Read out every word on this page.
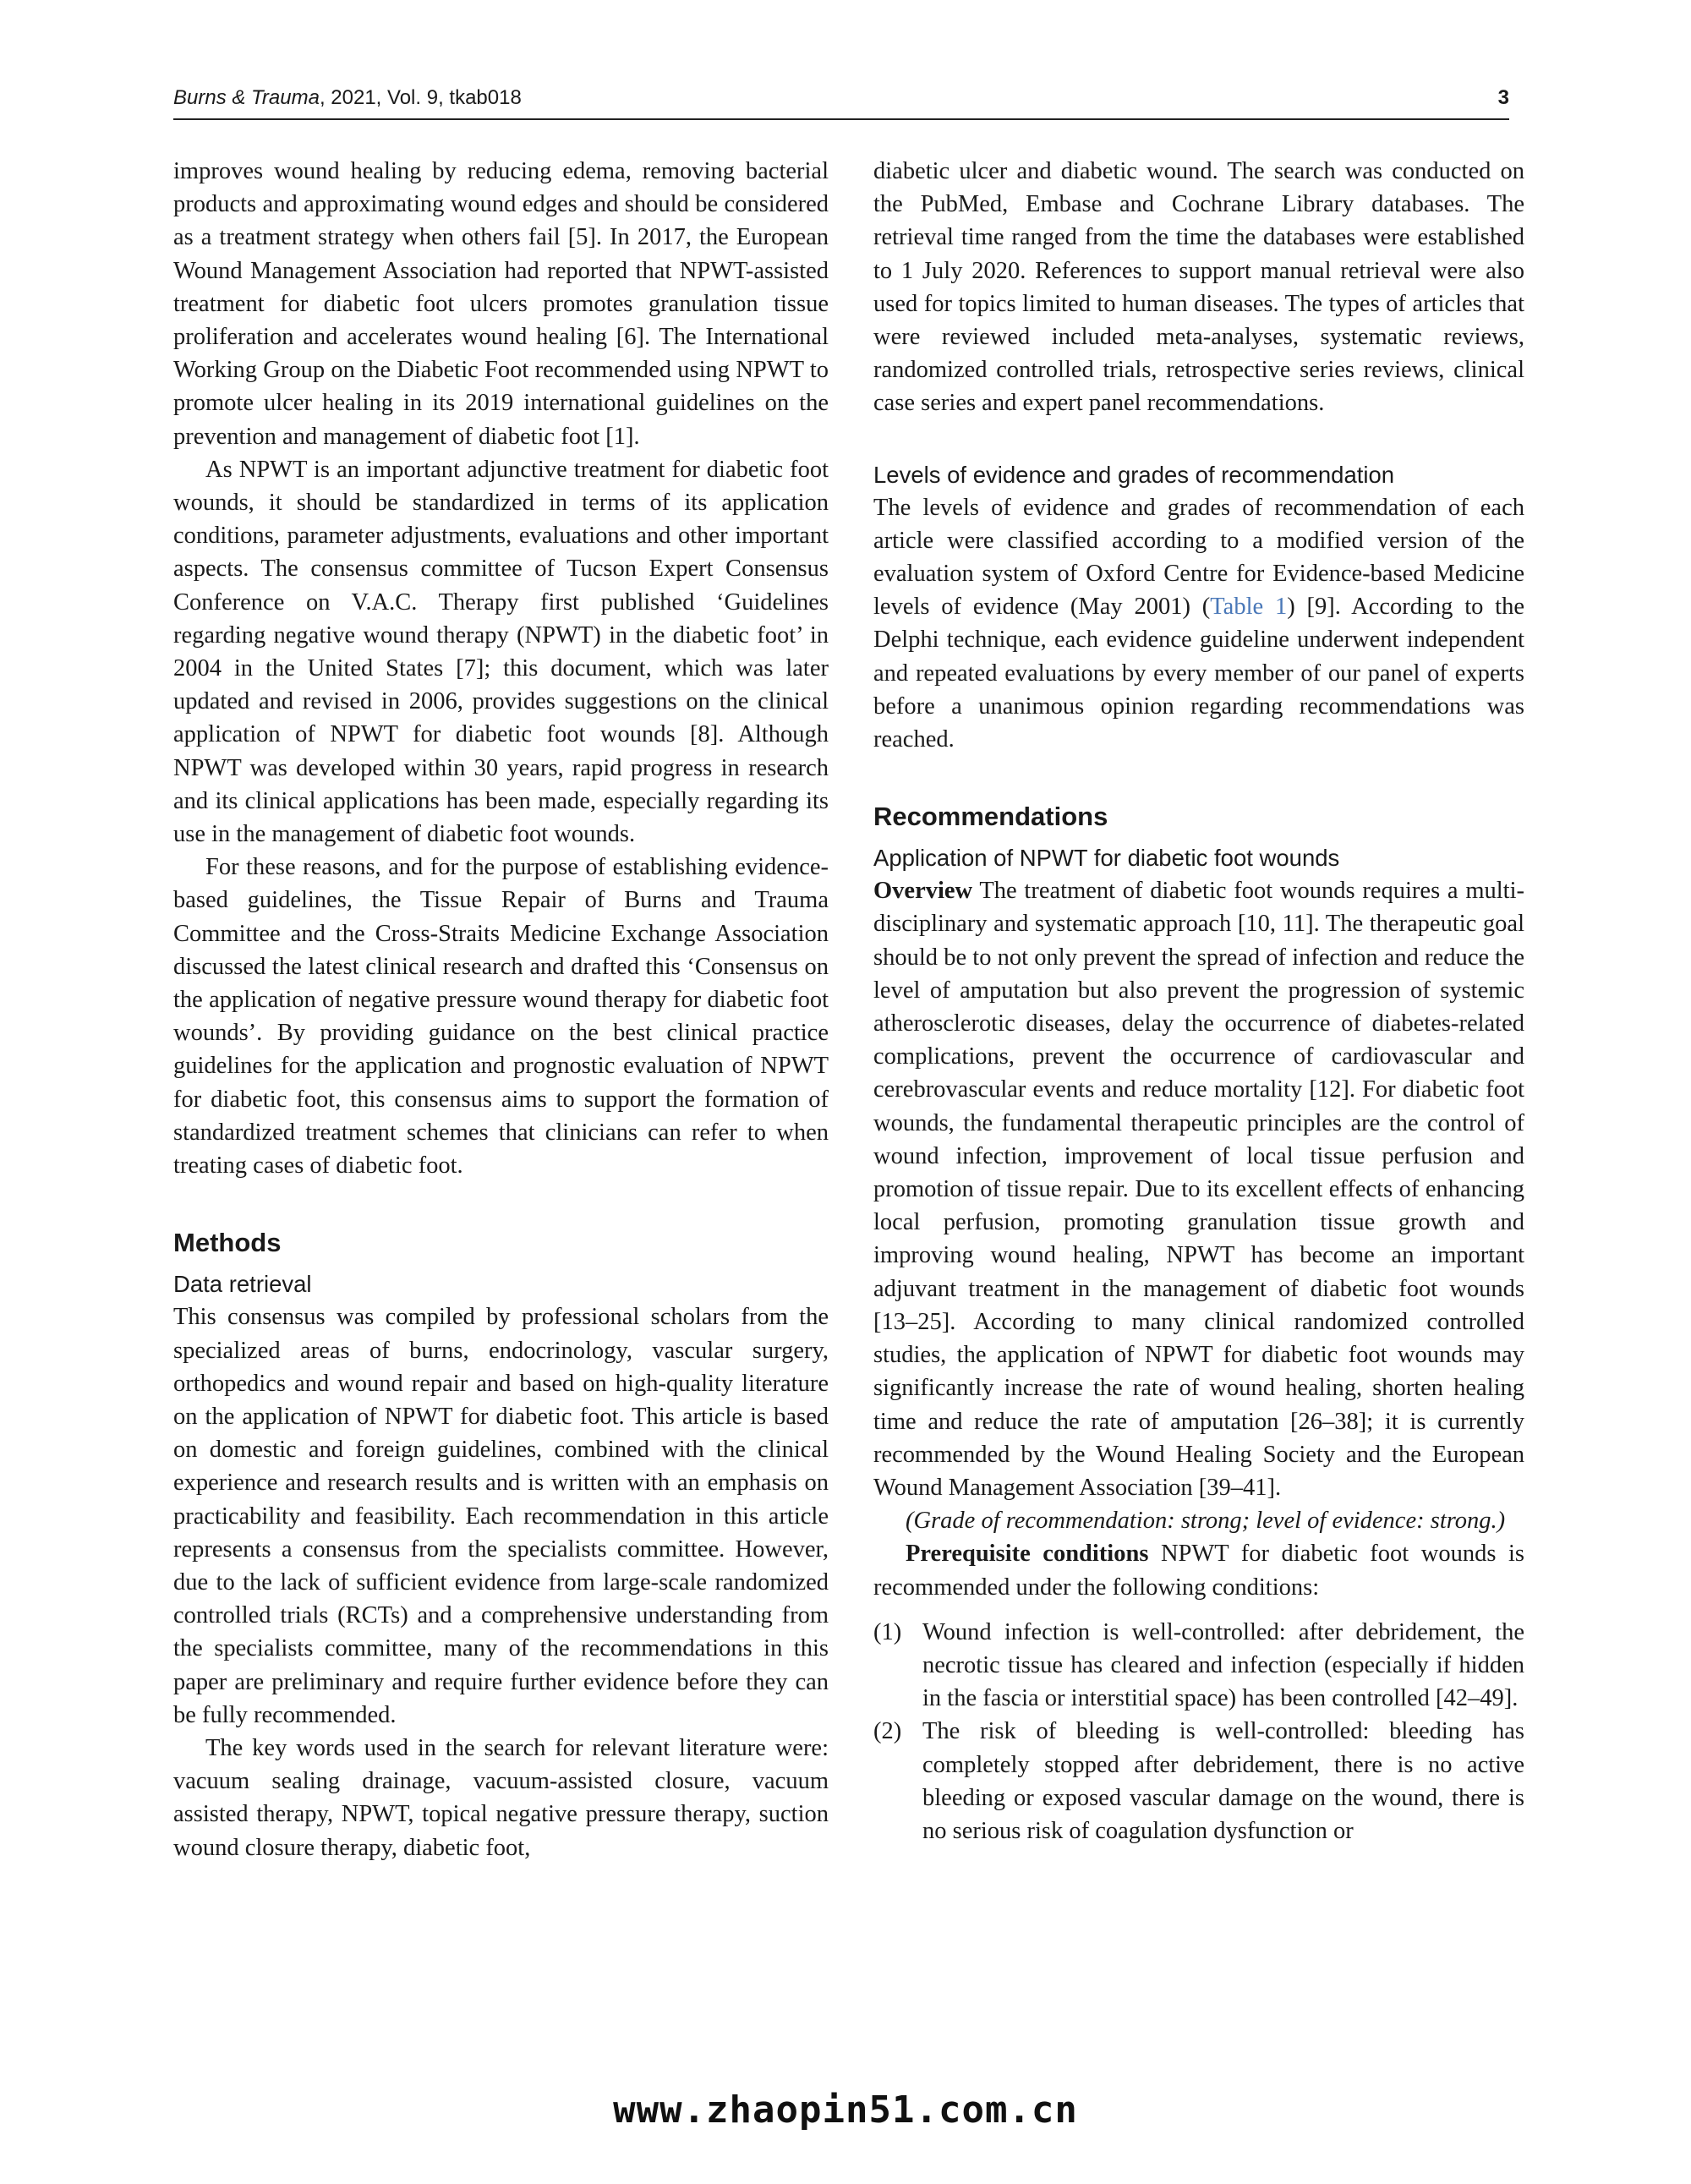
Burns & Trauma, 2021, Vol. 9, tkab018	3

improves wound healing by reducing edema, removing bacterial products and approximating wound edges and should be considered as a treatment strategy when others fail [5]. In 2017, the European Wound Management Association had reported that NPWT-assisted treatment for diabetic foot ulcers promotes granulation tissue proliferation and accelerates wound healing [6]. The International Working Group on the Diabetic Foot recommended using NPWT to promote ulcer healing in its 2019 international guidelines on the prevention and management of diabetic foot [1].

As NPWT is an important adjunctive treatment for diabetic foot wounds, it should be standardized in terms of its application conditions, parameter adjustments, evaluations and other important aspects. The consensus committee of Tucson Expert Consensus Conference on V.A.C. Therapy first published ‘Guidelines regarding negative wound therapy (NPWT) in the diabetic foot’ in 2004 in the United States [7]; this document, which was later updated and revised in 2006, provides suggestions on the clinical application of NPWT for diabetic foot wounds [8]. Although NPWT was developed within 30 years, rapid progress in research and its clinical applications has been made, especially regarding its use in the management of diabetic foot wounds.

For these reasons, and for the purpose of establishing evidence-based guidelines, the Tissue Repair of Burns and Trauma Committee and the Cross-Straits Medicine Exchange Association discussed the latest clinical research and drafted this ‘Consensus on the application of negative pressure wound therapy for diabetic foot wounds’. By providing guidance on the best clinical practice guidelines for the application and prognostic evaluation of NPWT for diabetic foot, this consensus aims to support the formation of standardized treatment schemes that clinicians can refer to when treating cases of diabetic foot.

Methods
Data retrieval

This consensus was compiled by professional scholars from the specialized areas of burns, endocrinology, vascular surgery, orthopedics and wound repair and based on high-quality literature on the application of NPWT for diabetic foot. This article is based on domestic and foreign guidelines, combined with the clinical experience and research results and is written with an emphasis on practicability and feasibility. Each recommendation in this article represents a consensus from the specialists committee. However, due to the lack of sufficient evidence from large-scale randomized controlled trials (RCTs) and a comprehensive understanding from the specialists committee, many of the recommendations in this paper are preliminary and require further evidence before they can be fully recommended.

The key words used in the search for relevant literature were: vacuum sealing drainage, vacuum-assisted closure, vacuum assisted therapy, NPWT, topical negative pressure therapy, suction wound closure therapy, diabetic foot,

diabetic ulcer and diabetic wound. The search was conducted on the PubMed, Embase and Cochrane Library databases. The retrieval time ranged from the time the databases were established to 1 July 2020. References to support manual retrieval were also used for topics limited to human diseases. The types of articles that were reviewed included meta-analyses, systematic reviews, randomized controlled trials, retrospective series reviews, clinical case series and expert panel recommendations.

Levels of evidence and grades of recommendation

The levels of evidence and grades of recommendation of each article were classified according to a modified version of the evaluation system of Oxford Centre for Evidence-based Medicine levels of evidence (May 2001) (Table 1) [9]. According to the Delphi technique, each evidence guideline underwent independent and repeated evaluations by every member of our panel of experts before a unanimous opinion regarding recommendations was reached.

Recommendations
Application of NPWT for diabetic foot wounds

Overview The treatment of diabetic foot wounds requires a multi-disciplinary and systematic approach [10, 11]. The therapeutic goal should be to not only prevent the spread of infection and reduce the level of amputation but also prevent the progression of systemic atherosclerotic diseases, delay the occurrence of diabetes-related complications, prevent the occurrence of cardiovascular and cerebrovascular events and reduce mortality [12]. For diabetic foot wounds, the fundamental therapeutic principles are the control of wound infection, improvement of local tissue perfusion and promotion of tissue repair. Due to its excellent effects of enhancing local perfusion, promoting granulation tissue growth and improving wound healing, NPWT has become an important adjuvant treatment in the management of diabetic foot wounds [13–25]. According to many clinical randomized controlled studies, the application of NPWT for diabetic foot wounds may significantly increase the rate of wound healing, shorten healing time and reduce the rate of amputation [26–38]; it is currently recommended by the Wound Healing Society and the European Wound Management Association [39–41].

(Grade of recommendation: strong; level of evidence: strong.)

Prerequisite conditions NPWT for diabetic foot wounds is recommended under the following conditions:

(1) Wound infection is well-controlled: after debridement, the necrotic tissue has cleared and infection (especially if hidden in the fascia or interstitial space) has been controlled [42–49].
(2) The risk of bleeding is well-controlled: bleeding has completely stopped after debridement, there is no active bleeding or exposed vascular damage on the wound, there is no serious risk of coagulation dysfunction or
www.zhaopin51.com.cn
